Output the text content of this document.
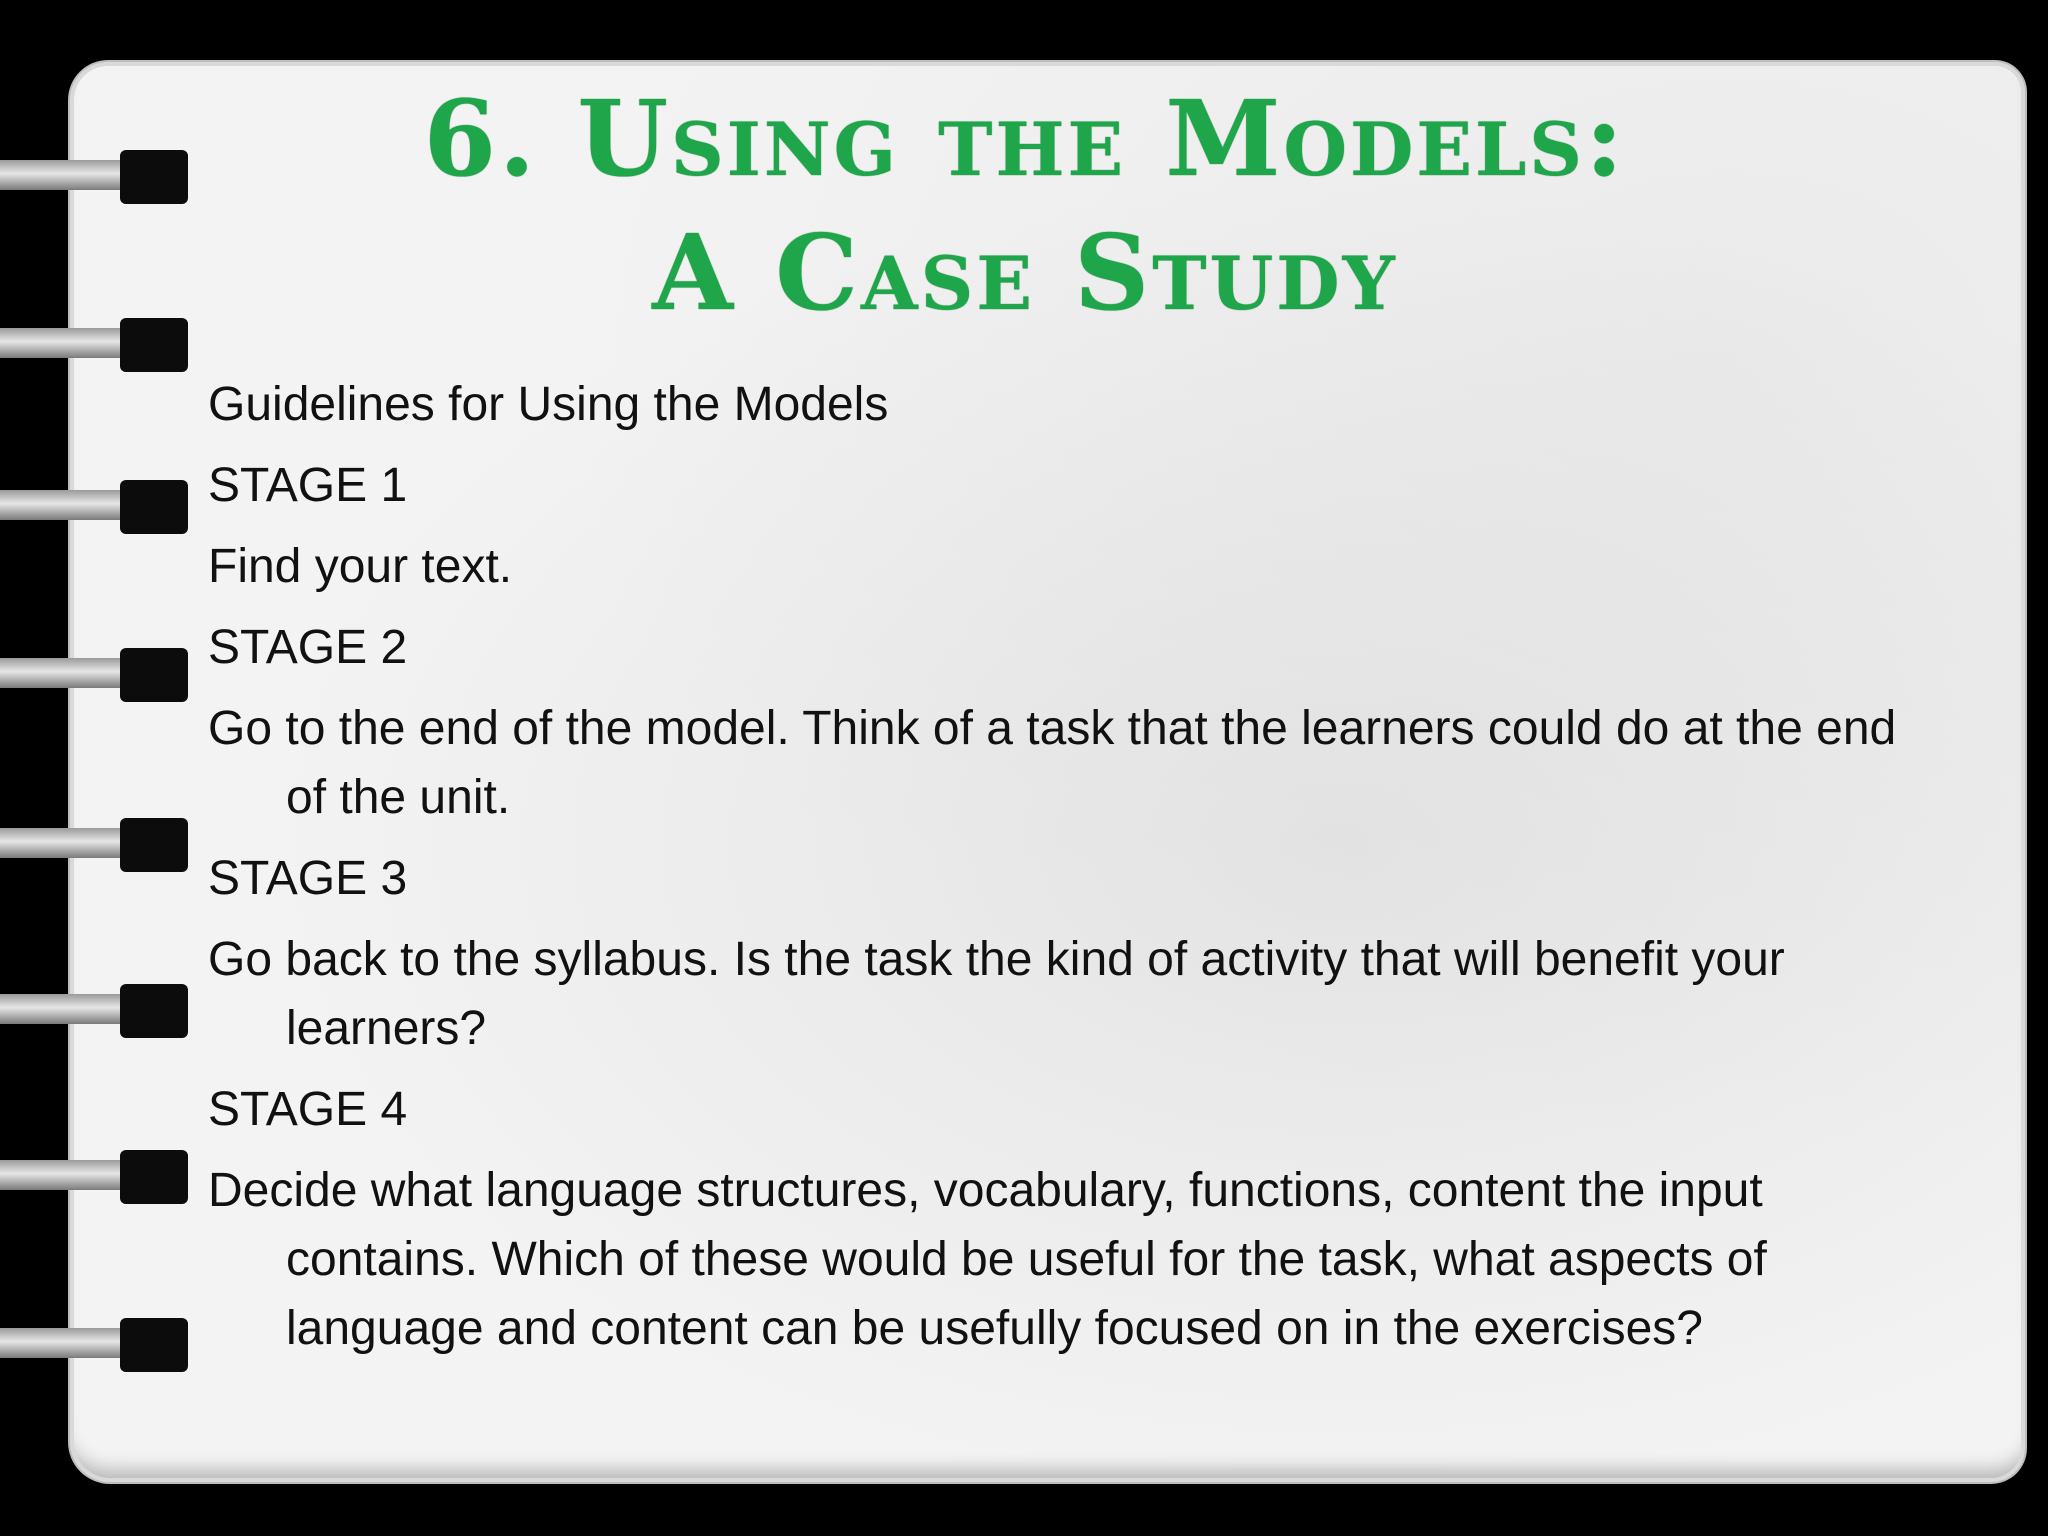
6. Using the Models:
A Case Study
Guidelines for Using the Models
STAGE 1
Find your text.
STAGE 2
Go to the end of the model. Think of a task that the learners could do at the end of the unit.
STAGE 3
Go back to the syllabus. Is the task the kind of activity that will benefit your learners?
STAGE 4
Decide what language structures, vocabulary, functions, content the input contains. Which of these would be useful for the task, what aspects of language and content can be usefully focused on in the exercises?
